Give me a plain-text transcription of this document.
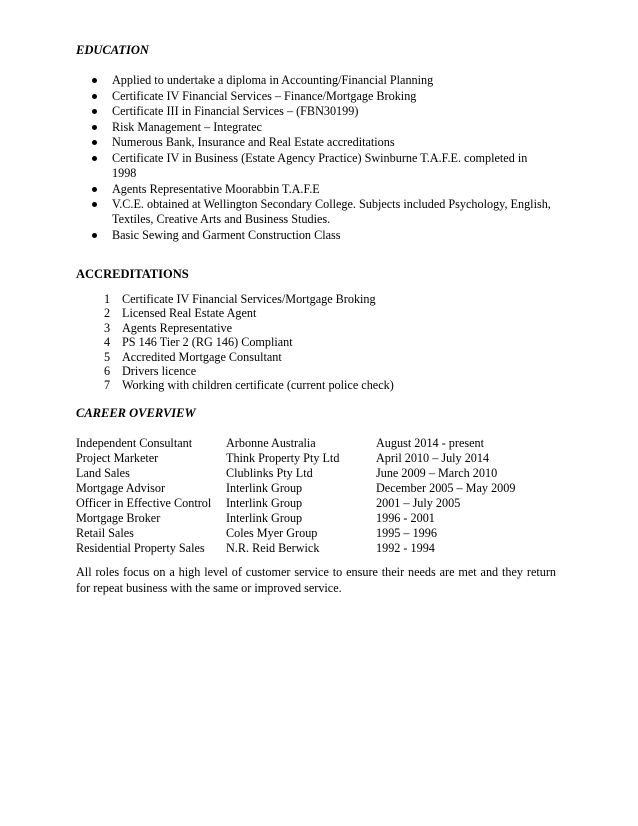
EDUCATION
Applied to undertake a diploma in Accounting/Financial Planning
Certificate IV Financial Services – Finance/Mortgage Broking
Certificate III in Financial Services – (FBN30199)
Risk Management – Integratec
Numerous Bank, Insurance and Real Estate accreditations
Certificate IV in Business (Estate Agency Practice) Swinburne T.A.F.E. completed in 1998
Agents Representative Moorabbin T.A.F.E
V.C.E. obtained at Wellington Secondary College. Subjects included Psychology, English, Textiles, Creative Arts and Business Studies.
Basic Sewing and Garment Construction Class
ACCREDITATIONS
1 Certificate IV Financial Services/Mortgage Broking
2 Licensed Real Estate Agent
3 Agents Representative
4 PS 146 Tier 2 (RG 146) Compliant
5 Accredited Mortgage Consultant
6 Drivers licence
7 Working with children certificate (current police check)
CAREER OVERVIEW
Independent Consultant	Arbonne Australia	August 2014 - present
Project Marketer	Think Property Pty Ltd	April 2010 – July 2014
Land Sales	Clublinks Pty Ltd	June 2009 – March 2010
Mortgage Advisor	Interlink Group	December 2005 – May 2009
Officer in Effective Control	Interlink Group	2001 – July 2005
Mortgage Broker	Interlink Group	1996 - 2001
Retail Sales	Coles Myer Group	1995 – 1996
Residential Property Sales	N.R. Reid Berwick	1992 - 1994

All roles focus on a high level of customer service to ensure their needs are met and they return for repeat business with the same or improved service.
